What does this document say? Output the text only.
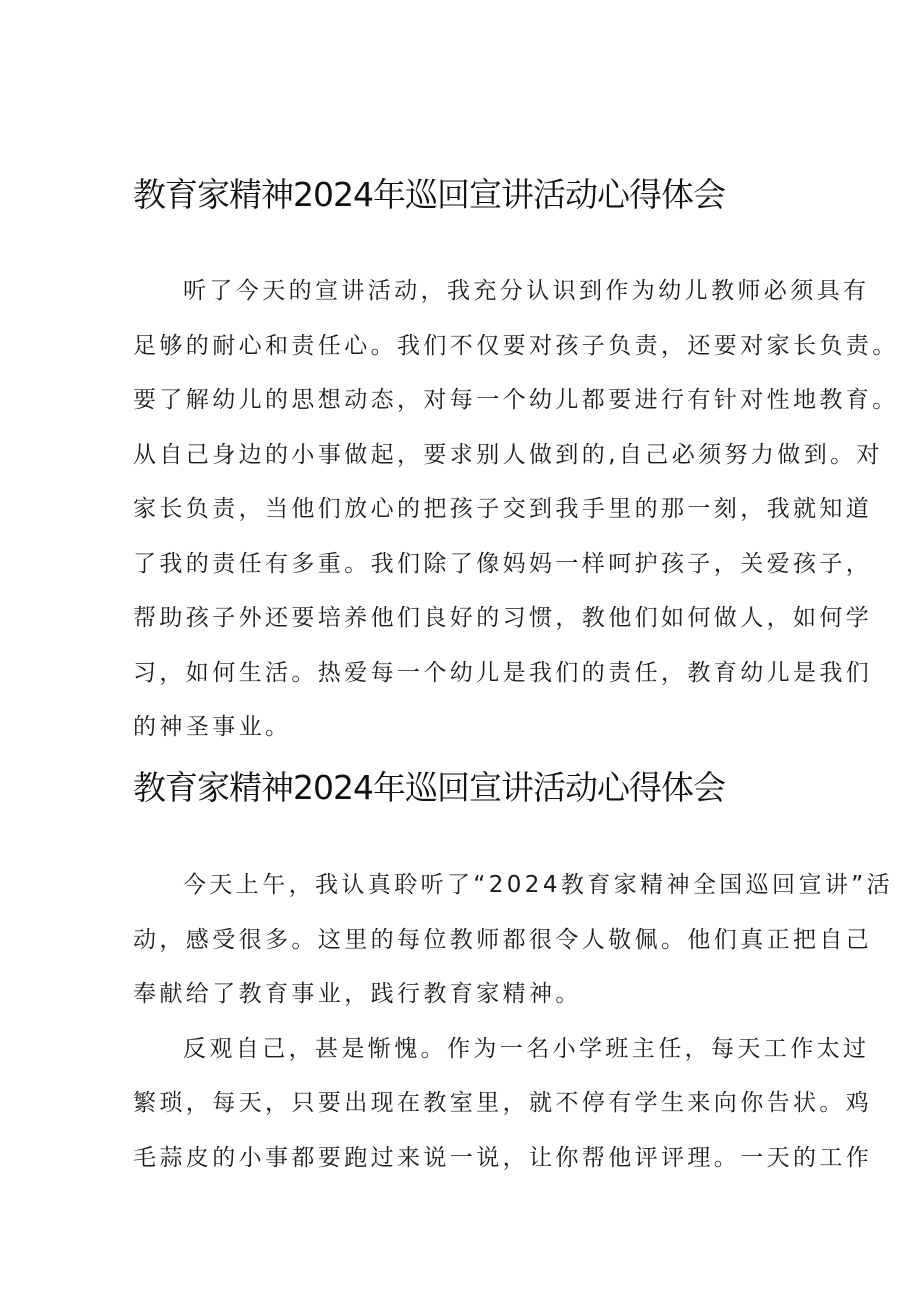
教育家精神2024年巡回宣讲活动心得体会
听了今天的宣讲活动，我充分认识到作为幼儿教师必须具有
足够的耐心和责任心。我们不仅要对孩子负责，还要对家长负责。
要了解幼儿的思想动态，对每一个幼儿都要进行有针对性地教育。
从自己身边的小事做起，要求别人做到的,自己必须努力做到。对
家长负责，当他们放心的把孩子交到我手里的那一刻，我就知道
了我的责任有多重。我们除了像妈妈一样呵护孩子，关爱孩子，
帮助孩子外还要培养他们良好的习惯，教他们如何做人，如何学
习，如何生活。热爱每一个幼儿是我们的责任，教育幼儿是我们
的神圣事业。
教育家精神2024年巡回宣讲活动心得体会
今天上午，我认真聆听了“2024教育家精神全国巡回宣讲”活
动，感受很多。这里的每位教师都很令人敬佩。他们真正把自己
奉献给了教育事业，践行教育家精神。
反观自己，甚是惭愧。作为一名小学班主任，每天工作太过
繁琐，每天，只要出现在教室里，就不停有学生来向你告状。鸡
毛蒜皮的小事都要跑过来说一说，让你帮他评评理。一天的工作
